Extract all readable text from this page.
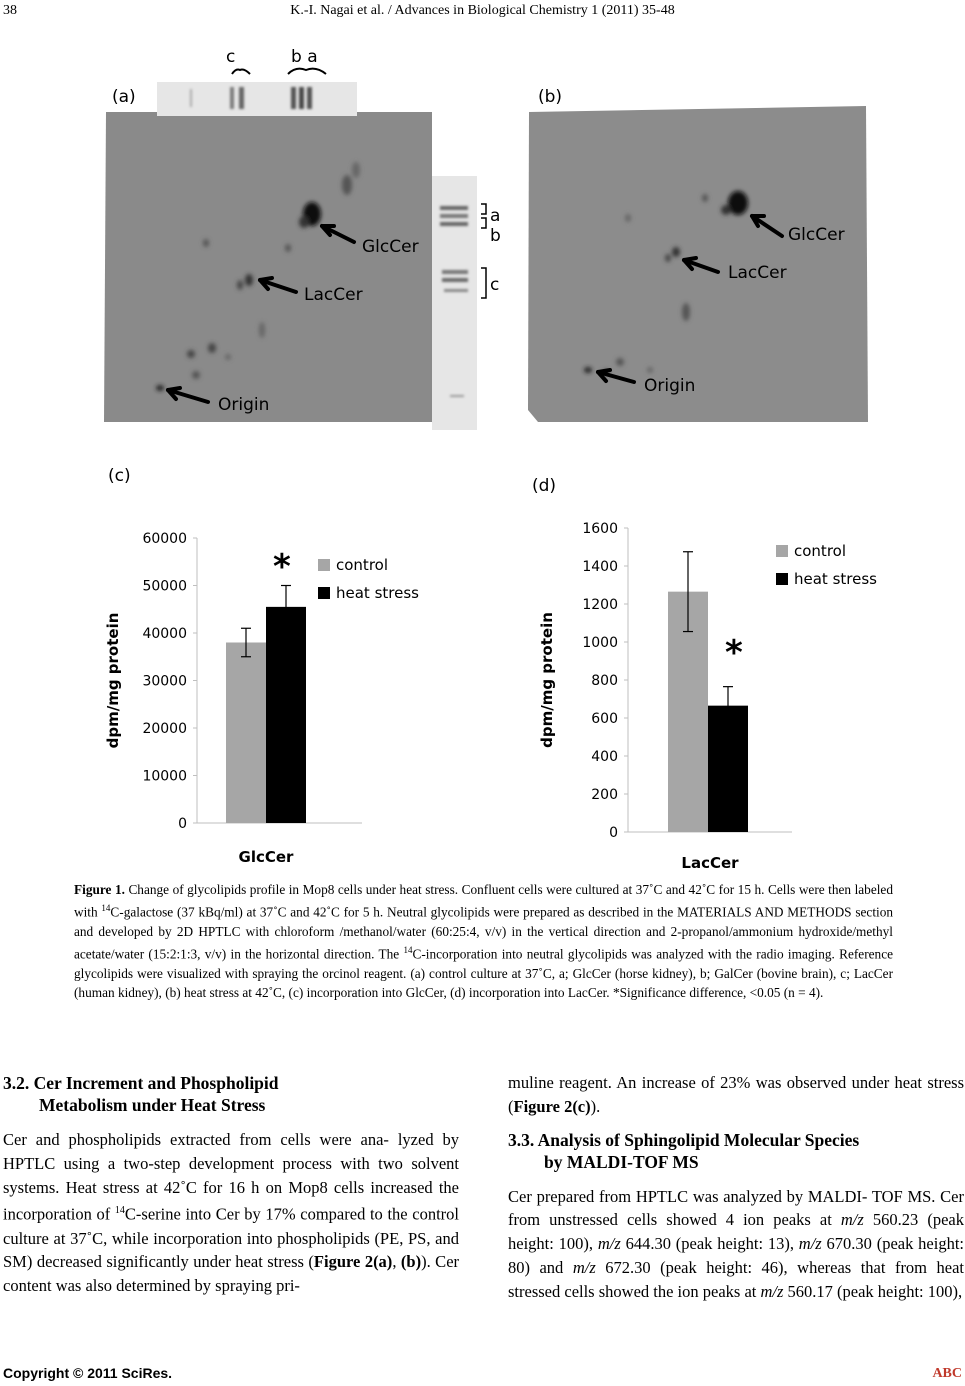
38	K.-I. Nagai et al. / Advances in Biological Chemistry 1 (2011) 35-48
(a)
c	b a
a
b
c
GlcCer
LacCer
Origin
(b)
GlcCer
LacCer
Origin
(c)	(d)
0
10000
20000
30000
40000
50000
60000
*	control
heat stress
GlcCer
dpm/mg protein
0
200
400
600
800
1000
1200
1400
1600
*
control
heat stress
LacCer
dpm/mg protein
Figure 1. Change of glycolipids profile in Mop8 cells under heat stress. Confluent cells were cultured at 37˚C and 42˚C for 15 h. Cells were then labeled with $^{14}$C-galactose (37 kBq/ml) at 37˚C and 42˚C for 5 h. Neutral glycolipids were prepared as described in the MATERIALS AND METHODS section and developed by 2D HPTLC with chloroform /methanol/water (60:25:4, v/v) in the vertical direction and 2-propanol/ammonium hydroxide/methyl acetate/water (15:2:1:3, v/v) in the horizontal direction. The $^{14}$C-incorporation into neutral glycolipids was analyzed with the radio imaging. Reference glycolipids were visualized with spraying the orcinol reagent. (a) control culture at 37˚C, a; GlcCer (horse kidney), b; GalCer (bovine brain), c; LacCer (human kidney), (b) heat stress at 42˚C, (c) incorporation into GlcCer, (d) incorporation into LacCer. *Significance difference, <0.05 (n = 4).
3.2. Cer Increment and Phospholipid
Metabolism under Heat Stress
Cer and phospholipids extracted from cells were ana- lyzed by HPTLC using a two-step development process with two solvent systems. Heat stress at 42˚C for 16 h on Mop8 cells increased the incorporation of $^{14}$C-serine into Cer by 17% compared to the control culture at 37˚C, while incorporation into phospholipids (PE, PS, and SM) decreased significantly under heat stress (Figure 2(a), (b)). Cer content was also determined by spraying pri-
muline reagent. An increase of 23% was observed under heat stress (Figure 2(c)).
3.3. Analysis of Sphingolipid Molecular Species
by MALDI-TOF MS
Cer prepared from HPTLC was analyzed by MALDI- TOF MS. Cer from unstressed cells showed 4 ion peaks at m/z 560.23 (peak height: 100), m/z 644.30 (peak height: 13), m/z 670.30 (peak height: 80) and m/z 672.30 (peak height: 46), whereas that from heat stressed cells showed the ion peaks at m/z 560.17 (peak height: 100),
Copyright © 2011 SciRes.	ABC
